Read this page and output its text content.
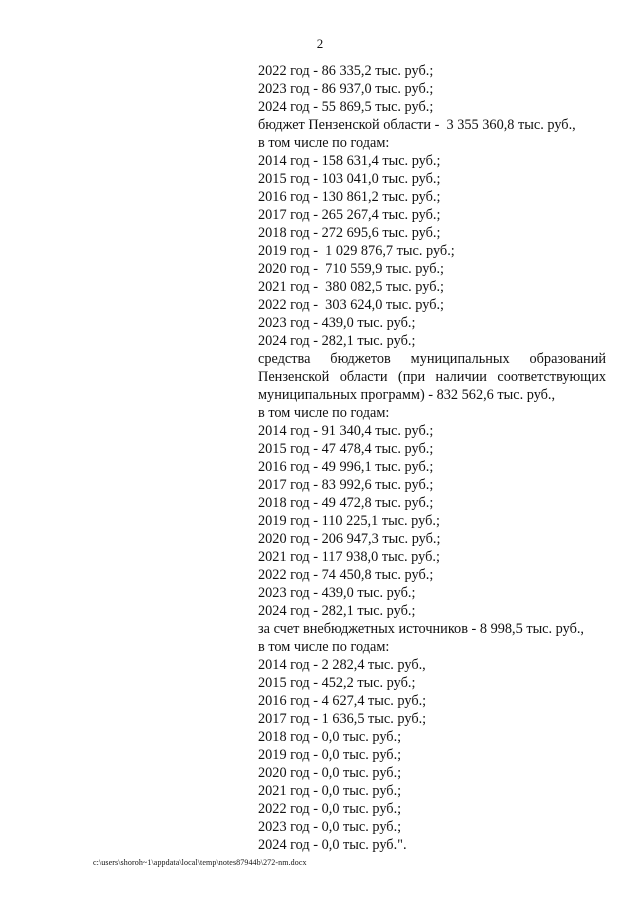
2
2022 год - 86 335,2 тыс. руб.;
2023 год - 86 937,0 тыс. руб.;
2024 год - 55 869,5 тыс. руб.;
бюджет Пензенской области -  3 355 360,8 тыс. руб.,
в том числе по годам:
2014 год - 158 631,4 тыс. руб.;
2015 год - 103 041,0 тыс. руб.;
2016 год - 130 861,2 тыс. руб.;
2017 год - 265 267,4 тыс. руб.;
2018 год - 272 695,6 тыс. руб.;
2019 год -  1 029 876,7 тыс. руб.;
2020 год -  710 559,9 тыс. руб.;
2021 год -  380 082,5 тыс. руб.;
2022 год -  303 624,0 тыс. руб.;
2023 год - 439,0 тыс. руб.;
2024 год - 282,1 тыс. руб.;
средства бюджетов муниципальных образований Пензенской области (при наличии соответствующих муниципальных программ) - 832 562,6 тыс. руб.,
в том числе по годам:
2014 год - 91 340,4 тыс. руб.;
2015 год - 47 478,4 тыс. руб.;
2016 год - 49 996,1 тыс. руб.;
2017 год - 83 992,6 тыс. руб.;
2018 год - 49 472,8 тыс. руб.;
2019 год - 110 225,1 тыс. руб.;
2020 год - 206 947,3 тыс. руб.;
2021 год - 117 938,0 тыс. руб.;
2022 год - 74 450,8 тыс. руб.;
2023 год - 439,0 тыс. руб.;
2024 год - 282,1 тыс. руб.;
за счет внебюджетных источников - 8 998,5 тыс. руб.,
в том числе по годам:
2014 год - 2 282,4 тыс. руб.,
2015 год - 452,2 тыс. руб.;
2016 год - 4 627,4 тыс. руб.;
2017 год - 1 636,5 тыс. руб.;
2018 год - 0,0 тыс. руб.;
2019 год - 0,0 тыс. руб.;
2020 год - 0,0 тыс. руб.;
2021 год - 0,0 тыс. руб.;
2022 год - 0,0 тыс. руб.;
2023 год - 0,0 тыс. руб.;
2024 год - 0,0 тыс. руб.".
c:\users\shoroh~1\appdata\local\temp\notes87944b\272-nm.docx
